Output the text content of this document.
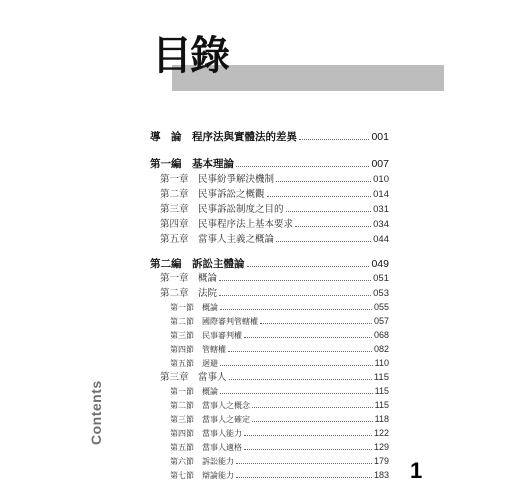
目錄
Contents
1
導　論　程序法與實體法的差異	001
第一編　基本理論	007
第一章　民事紛爭解決機制	010
第二章　民事訴訟之概觀	014
第三章　民事訴訟制度之目的	031
第四章　民事程序法上基本要求	034
第五章　當事人主義之概論	044
第二編　訴訟主體論	049
第一章　概論	051
第二章　法院	053
第一節　概論	055
第二節　國際審判管轄權	057
第三節　民事審判權	068
第四節　管轄權	082
第五節　迴避	110
第三章　當事人	115
第一節　概論	115
第二節　當事人之概念	115
第三節　當事人之確定	118
第四節　當事人能力	122
第五節　當事人適格	129
第六節　訴訟能力	179
第七節　辯論能力	183
